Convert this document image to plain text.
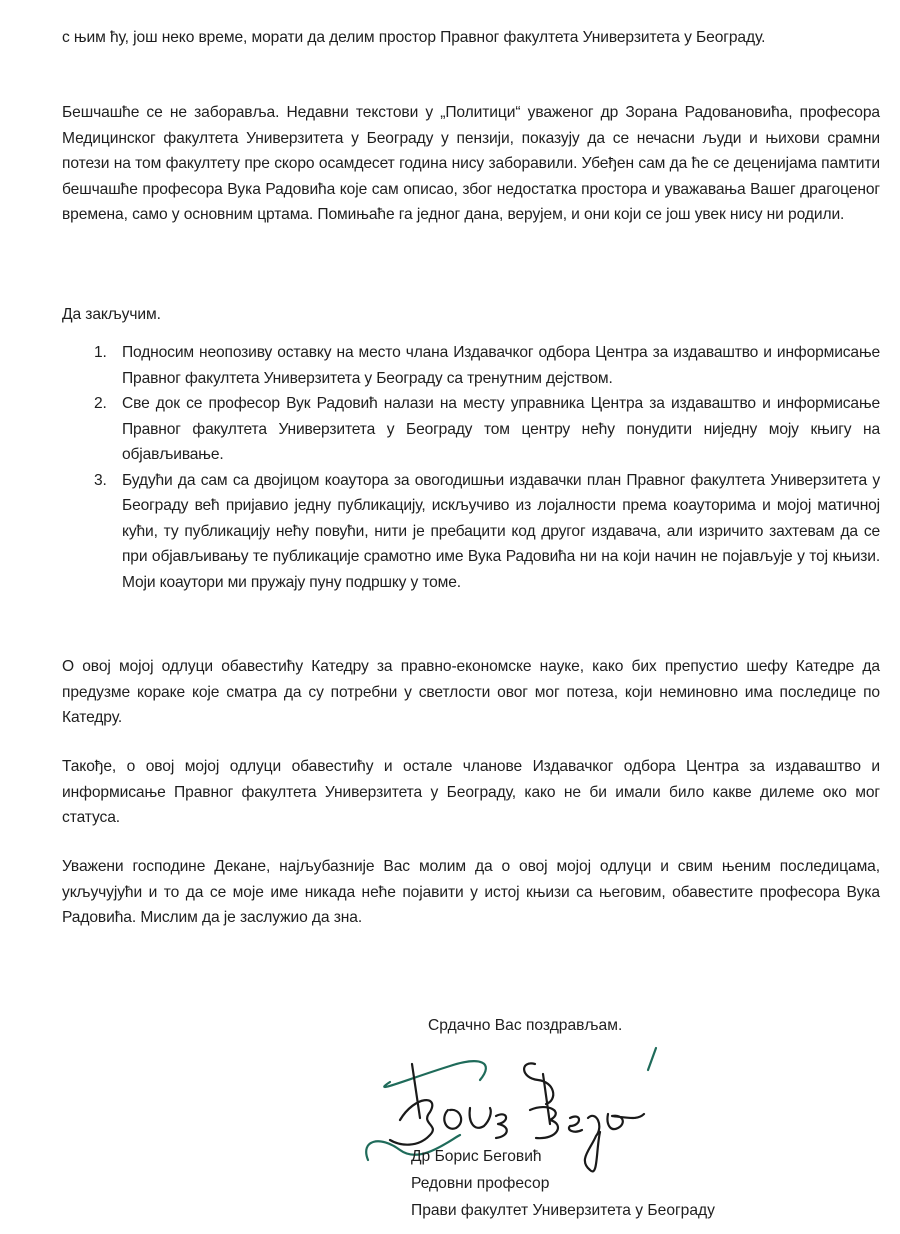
с њим ћу, још неко време, морати да делим простор Правног факултета Универзитета у Београду.

Бешчашће се не заборавља. Недавни текстови у „Политици“ уваженог др Зорана Радовановића, професора Медицинског факултета Универзитета у Београду у пензији, показују да се нечасни људи и њихови срамни потези на том факултету пре скоро осамдесет година нису заборавили. Убеђен сам да ће се деценијама памтити бешчашће професора Вука Радовића које сам описао, због недостатка простора и уважавања Вашег драгоценог времена, само у основним цртама. Помињаће га једног дана, верујем, и они који се још увек нису ни родили.

Да закључим.

1. Подносим неопозиву оставку на место члана Издавачког одбора Центра за издаваштво и информисање Правног факултета Универзитета у Београду са тренутним дејством.
2. Све док се професор Вук Радовић налази на месту управника Центра за издаваштво и информисање Правног факултета Универзитета у Београду том центру нећу понудити ниједну моју књигу на објављивање.
3. Будући да сам са двојицом коаутора за овогодишњи издавачки план Правног факултета Универзитета у Београду већ пријавио једну публикацију, искључиво из лојалности према коауторима и мојој матичној кући, ту публикацију нећу повући, нити је пребацити код другог издавача, али изричито захтевам да се при објављивању те публикације срамотно име Вука Радовића ни на који начин не појављује у тој књизи. Моји коаутори ми пружају пуну подршку у томе.

О овој мојој одлуци обавестићу Катедру за правно-економске науке, како бих препустио шефу Катедре да предузме кораке које сматра да су потребни у светлости овог мог потеза, који неминовно има последице по Катедру.

Такође, о овој мојој одлуци обавестићу и остале чланове Издавачког одбора Центра за издаваштво и информисање Правног факултета Универзитета у Београду, како не би имали било какве дилеме око мог статуса.

Уважени господине Декане, најљубазније Вас молим да о овој мојој одлуци и свим њеним последицама, укључујући и то да се моје име никада неће појавити у истој књизи са његовим, обавестите професора Вука Радовића. Мислим да је заслужио да зна.

Срдачно Вас поздрављам.
Др Борис Беговић
Редовни професор
Прави факултет Универзитета у Београду
